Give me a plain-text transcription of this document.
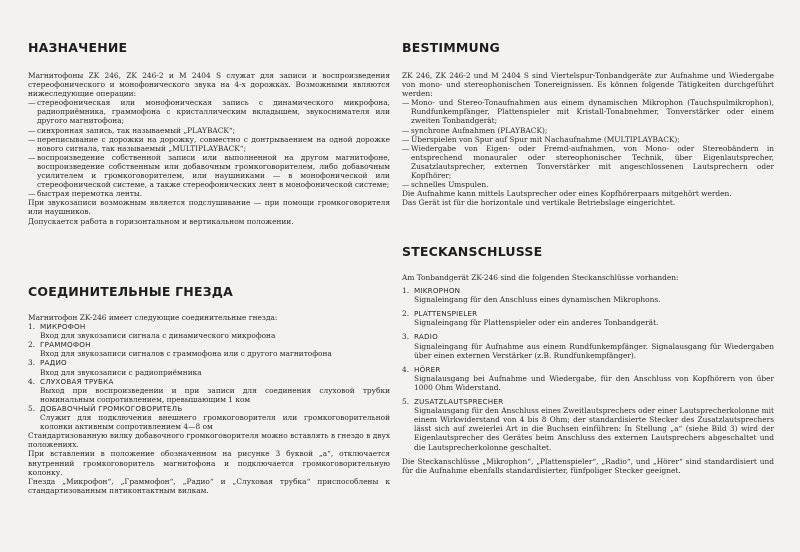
НАЗНАЧЕНИЕ

Магнитофоны ZK 246, ZK 246-2 и M 2404 S служат для записи и воспроизведения стереофонического и монофонического звука на 4-х дорожках. Возможными являются нижеследующие операции:

— стереофоническая или монофоническая запись с динамического микрофона, радиоприёмника, граммофона с кристаллическим вкладышем, звукоснимателя или другого магнитофона;
— синхронная запись, так называемый „PLAYBACK“;
— переписывание с дорожки на дорожку, совместно с донтрываением на одной дорожке нового сигнала, так называемый „MULTIPLAYBACK“;
— воспроизведение собственной записи или выполненной на другом магнитофоне, воспроизведение собственным или добавочным громкоговорителем, либо добавочным усилителем и громкоговорителем, или наушниками — в монофонической или стереофонической системе, а также стереофонических лент в монофонической системе;
— быстрая перемотка ленты.

При звукозаписи возможным является подслушивание — при помощи громкоговорителя или наушников.

Допускается работа в горизонтальном и вертикальном положении.

СОЕДИНИТЕЛЬНЫЕ ГНЕЗДА

Магнитофон ZK-246 имеет следующие соединительные гнезда:

1. МИКРОФОН
Вход для звукозаписи сигнала с динамического микрофона
2. ГРАММОФОН
Вход для звукозаписи сигналов с граммофона или с другого магнитофона
3. РАДИО
Вход для звукозаписи с радиоприёмника
4. СЛУХОВАЯ ТРУБКА
Выход при воспроизведении и при записи для соединения слуховой трубки номинальным сопротивлением, превышающим 1 ком
5. ДОБАВОЧНЫЙ ГРОМКОГОВОРИТЕЛЬ
Служит для подключения внешнего громкоговорителя или громкоговорительной колонки активным сопротивлением 4—8 ом

Стандартизованную вилку добавочного громкоговорителя можно вставлять в гнездо в двух положениях.

При вставлении в положение обозначенном на рисунке 3 буквой „а“, отключается внутренний громкоговоритель магнитофона и подключается громкоговорительную колонку.

Гнезда „Микрофон“, „Граммофон“, „Радио“ и „Слуховая трубка“ приспособлены к стандартизованным пятиконтактным вилкам.

BESTIMMUNG

ZK 246, ZK 246-2 und M 2404 S sind Viertelspur-Tonbandgeräte zur Aufnahme und Wiedergabe von mono- und stereophonischen Tonereignissen. Es können folgende Tätigkeiten durchgeführt werden:

— Mono- und Stereo-Tonaufnahmen aus einem dynamischen Mikrophon (Tauchspulmikrophon), Rundfunkempfänger, Plattenspieler mit Kristall-Tonabnehmer, Tonverstärker oder einem zweiten Tonbandgerät;
— synchrone Aufnahmen (PLAYBACK);
— Überspielen von Spur auf Spur mit Nachaufnahme (MULTIPLAYBACK);
— Wiedergabe von Eigen- oder Fremd-aufnahmen, von Mono- oder Stereobändern in entsprechend monauraler oder stereophonischer Technik, über Eigenlautsprecher, Zusatzlautsprecher, externen Tonverstärker mit angeschlossenen Lautsprechern oder Kopfhörer;
— schnelles Umspulen.

Die Aufnahme kann mittels Lautsprecher oder eines Kopfhörerpaars mitgehört werden.

Das Gerät ist für die horizontale und vertikale Betriebslage eingerichtet.

STECKANSCHLUSSE

Am Tonbandgerät ZK-246 sind die folgenden Steckanschlüsse vorhanden:

1. MIKROPHON
Signaleingang für den Anschluss eines dynamischen Mikrophons.
2. PLATTENSPIELER
Signaleingang für Plattenspieler oder ein anderes Tonbandgerät.
3. RADIO
Signaleingang für Aufnahme aus einem Rundfunkempfänger. Signalausgang für Wiedergaben über einen externen Verstärker (z.B. Rundfunkempfänger).
4. HÖRER
Signalausgang bei Aufnahme und Wiedergabe, für den Anschluss von Kopfhörern von über 1000 Ohm Widerstand.
5. ZUSATZLAUTSPRECHER
Signalausgang für den Anschluss eines Zweitlautsprechers oder einer Lautsprecherkolonne mit einem Wirkwiderstand von 4 bis 8 Ohm; der standardisierte Stecker des Zusatzlautsprechers lässt sich auf zweierlei Art in die Buchsen einführen: In Stellung „a“ (siehe Bild 3) wird der Eigenlautsprecher des Gerätes beim Anschluss des externen Lautsprechers abgeschaltet und die Lautsprecherkolonne geschaltet.

Die Steckanschlüsse „Mikrophon“, „Plattenspieler“, „Radio“, und „Hörer“ sind standardisiert und für die Aufnahme ebenfalls standardisierter, fünfpoliger Stecker geeignet.
